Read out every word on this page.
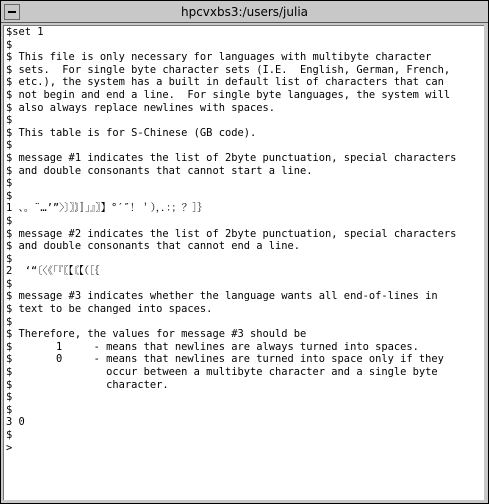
hpcvxbs3:/users/julia
$set 1
$
$ This file is only necessary for languages with multibyte character
$ sets.  For single byte character sets (I.E.  English, German, French,
$ etc.), the system has a built in default list of characters that can
$ not begin and end a line.  For single byte languages, the system will
$ also always replace newlines with spaces.
$
$ This table is for S-Chinese (GB code).
$
$ message #1 indicates the list of 2byte punctuation, special characters
$ and double consonants that cannot start a line.
$
$
1 、。¨…’”〉〕〗〙〛」』〗】°′″！＇），．：；？］｝
$
$ message #2 indicates the list of 2byte punctuation, special characters
$ and double consonants that cannot end a line.
$
2  ‘“〔〈《「『〖【〘【（［｛
$
$ message #3 indicates whether the language wants all end-of-lines in
$ text to be changed into spaces.
$
$ Therefore, the values for message #3 should be
$       1     - means that newlines are always turned into spaces.
$       0     - means that newlines are turned into space only if they
$               occur between a multibyte character and a single byte
$               character.
$
$
3 0
$
>
